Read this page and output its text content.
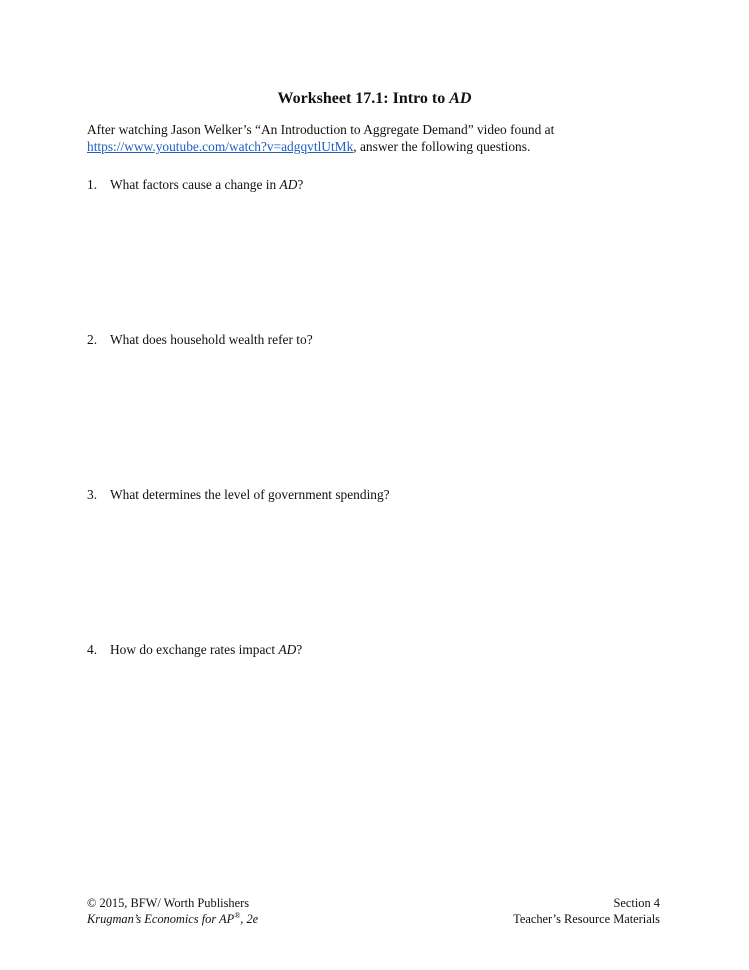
Worksheet 17.1: Intro to AD
After watching Jason Welker’s “An Introduction to Aggregate Demand” video found at
https://www.youtube.com/watch?v=adgqvtlUtMk, answer the following questions.
1. What factors cause a change in AD?
2. What does household wealth refer to?
3. What determines the level of government spending?
4. How do exchange rates impact AD?
© 2015, BFW/ Worth Publishers
Krugman’s Economics for AP®, 2e
Section 4
Teacher’s Resource Materials
